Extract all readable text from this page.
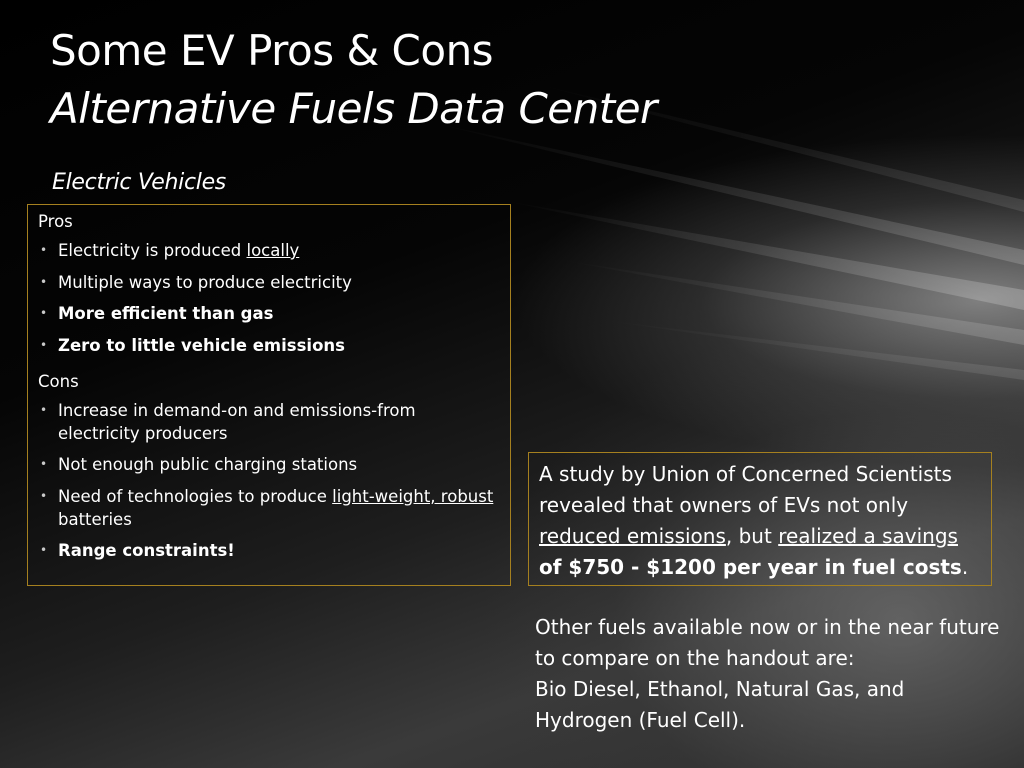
Some EV Pros & Cons
Alternative Fuels Data Center
Electric Vehicles
Pros
• Electricity is produced locally
• Multiple ways to produce electricity
• More efficient than gas
• Zero to little vehicle emissions
Cons
• Increase in demand-on and emissions-from electricity producers
• Not enough public charging stations
• Need of technologies to produce light-weight, robust batteries
• Range constraints!
A study by Union of Concerned Scientists revealed that owners of EVs not only reduced emissions, but realized a savings of $750 - $1200 per year in fuel costs.
Other fuels available now or in the near future
to compare on the handout are:
Bio Diesel, Ethanol, Natural Gas, and
Hydrogen (Fuel Cell).
